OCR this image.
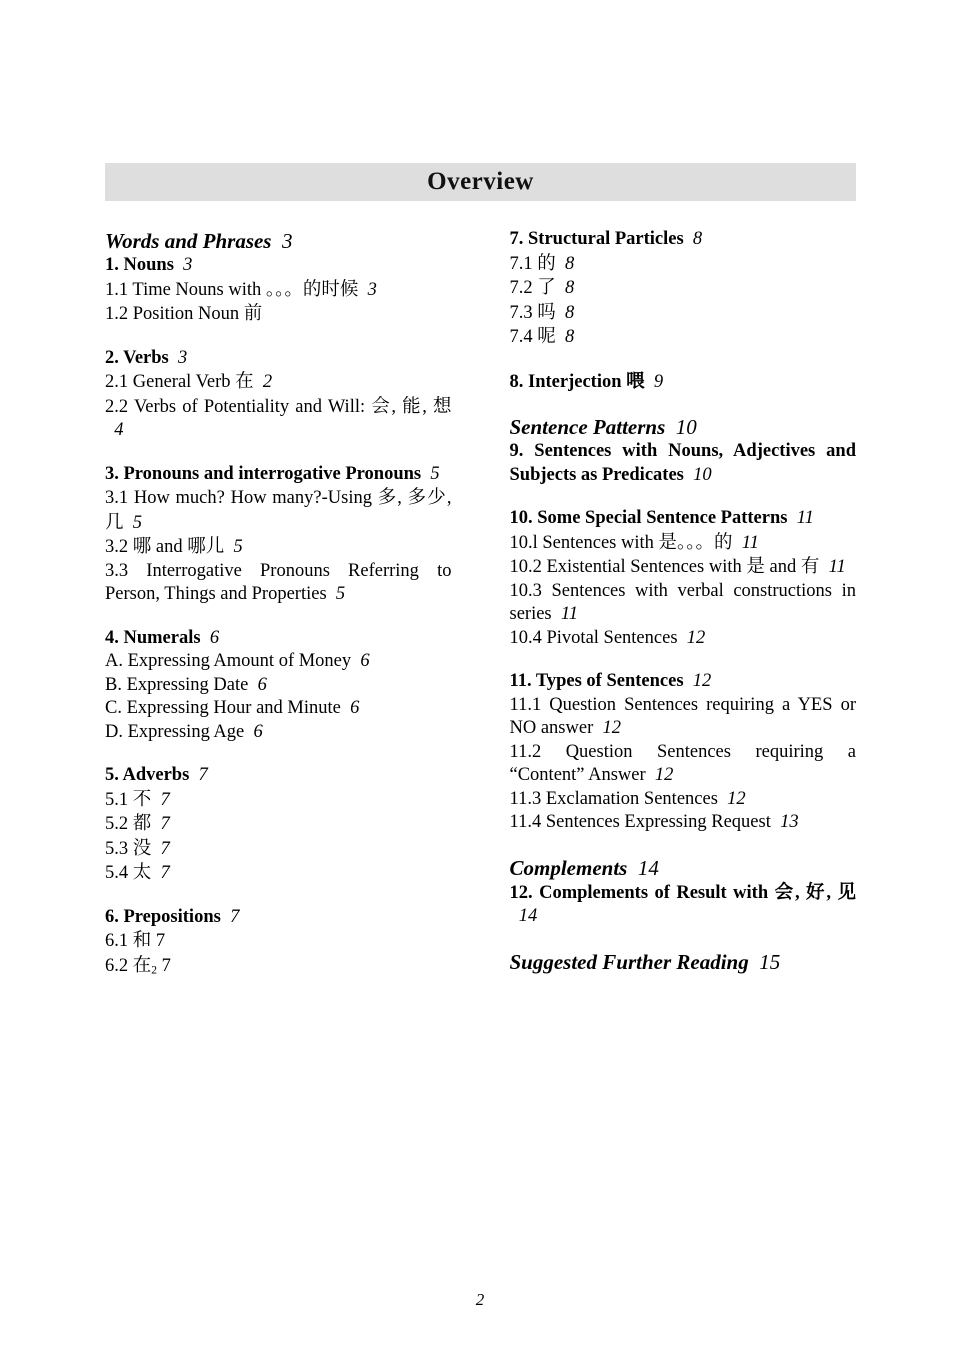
Overview
Words and Phrases 3
1. Nouns 3
1.1 Time Nouns with 。。。的时候 3
1.2 Position Noun 前
2. Verbs 3
2.1 General Verb 在 2
2.2 Verbs of Potentiality and Will: 会, 能, 想  4
3. Pronouns and interrogative Pronouns 5
3.1 How much? How many?-Using 多, 多少, 几 5
3.2 哪 and 哪儿 5
3.3 Interrogative Pronouns Referring to Person, Things and Properties 5
4. Numerals 6
A. Expressing Amount of Money 6
B. Expressing Date 6
C. Expressing Hour and Minute 6
D. Expressing Age 6
5. Adverbs 7
5.1 不 7
5.2 都 7
5.3 没 7
5.4 太 7
6. Prepositions 7
6.1 和 7
6.2 在$_2$ 7
7. Structural Particles 8
7.1 的 8
7.2 了 8
7.3 吗 8
7.4 呢 8
8. Interjection 喂 9
Sentence Patterns 10
9. Sentences with Nouns, Adjectives and Subjects as Predicates 10
10. Some Special Sentence Patterns 11
10.l Sentences with 是。。。的 11
10.2 Existential Sentences with 是 and 有 11
10.3 Sentences with verbal constructions in series 11
10.4 Pivotal Sentences 12
11. Types of Sentences 12
11.1 Question Sentences requiring a YES or NO answer 12
11.2 Question Sentences requiring a “Content” Answer 12
11.3 Exclamation Sentences 12
11.4 Sentences Expressing Request 13
Complements 14
12. Complements of Result with 会, 好, 见  14
Suggested Further Reading 15
2
